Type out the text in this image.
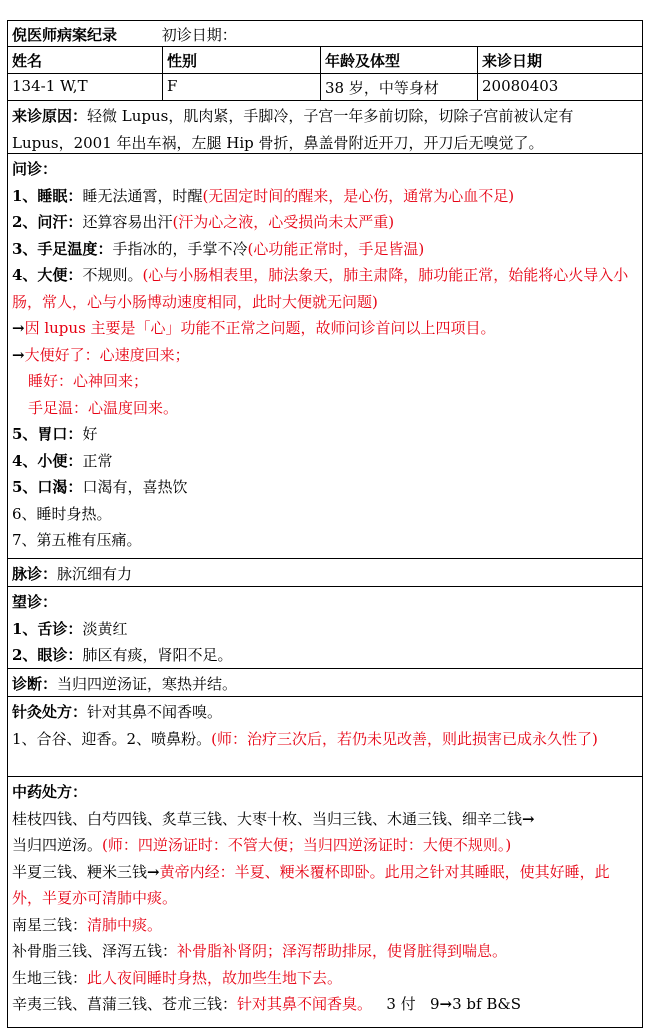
倪医师病案纪录	初诊日期：
姓名	性别	年龄及体型	来诊日期
134-1 W,T	F	38 岁，中等身材	20080403
来诊原因：轻微 Lupus，肌肉紧，手脚冷，子宫一年多前切除，切除子宫前被认定有 Lupus，2001 年出车祸，左腿 Hip 骨折，鼻盖骨附近开刀，开刀后无嗅觉了。
问诊：
1、睡眠：睡无法通霄，时醒(无固定时间的醒来，是心伤，通常为心血不足)
2、问汗：还算容易出汗(汗为心之液，心受损尚未太严重)
3、手足温度：手指冰的，手掌不冷(心功能正常时，手足皆温)
4、大便：不规则。(心与小肠相表里，肺法象天，肺主肃降，肺功能正常，始能将心火导入小肠，常人，心与小肠博动速度相同，此时大便就无问题)
→因 lupus 主要是「心」功能不正常之问题，故师问诊首问以上四项目。
→大便好了：心速度回来；
睡好：心神回来；
手足温：心温度回来。
5、胃口：好
4、小便：正常
5、口渴：口渴有，喜热饮
6、睡时身热。
7、第五椎有压痛。
脉诊：脉沉细有力
望诊：
1、舌诊：淡黄红
2、眼诊：肺区有痰，肾阳不足。
诊断：当归四逆汤证，寒热并结。
针灸处方：针对其鼻不闻香嗅。
1、合谷、迎香。2、喷鼻粉。(师：治疗三次后，若仍未见改善，则此损害已成永久性了)
中药处方：
桂枝四钱、白芍四钱、炙草三钱、大枣十枚、当归三钱、木通三钱、细辛二钱→
当归四逆汤。(师：四逆汤证时：不管大便；当归四逆汤证时：大便不规则。)
半夏三钱、粳米三钱→黄帝内经：半夏、粳米覆杯即卧。此用之针对其睡眠，使其好睡，此外，半夏亦可清肺中痰。
南星三钱：清肺中痰。
补骨脂三钱、泽泻五钱：补骨脂补肾阴；泽泻帮助排尿，使肾脏得到喘息。
生地三钱：此人夜间睡时身热，故加些生地下去。
辛夷三钱、菖蒲三钱、苍朮三钱：针对其鼻不闻香臭。 3 付 9→3 bf B&S
